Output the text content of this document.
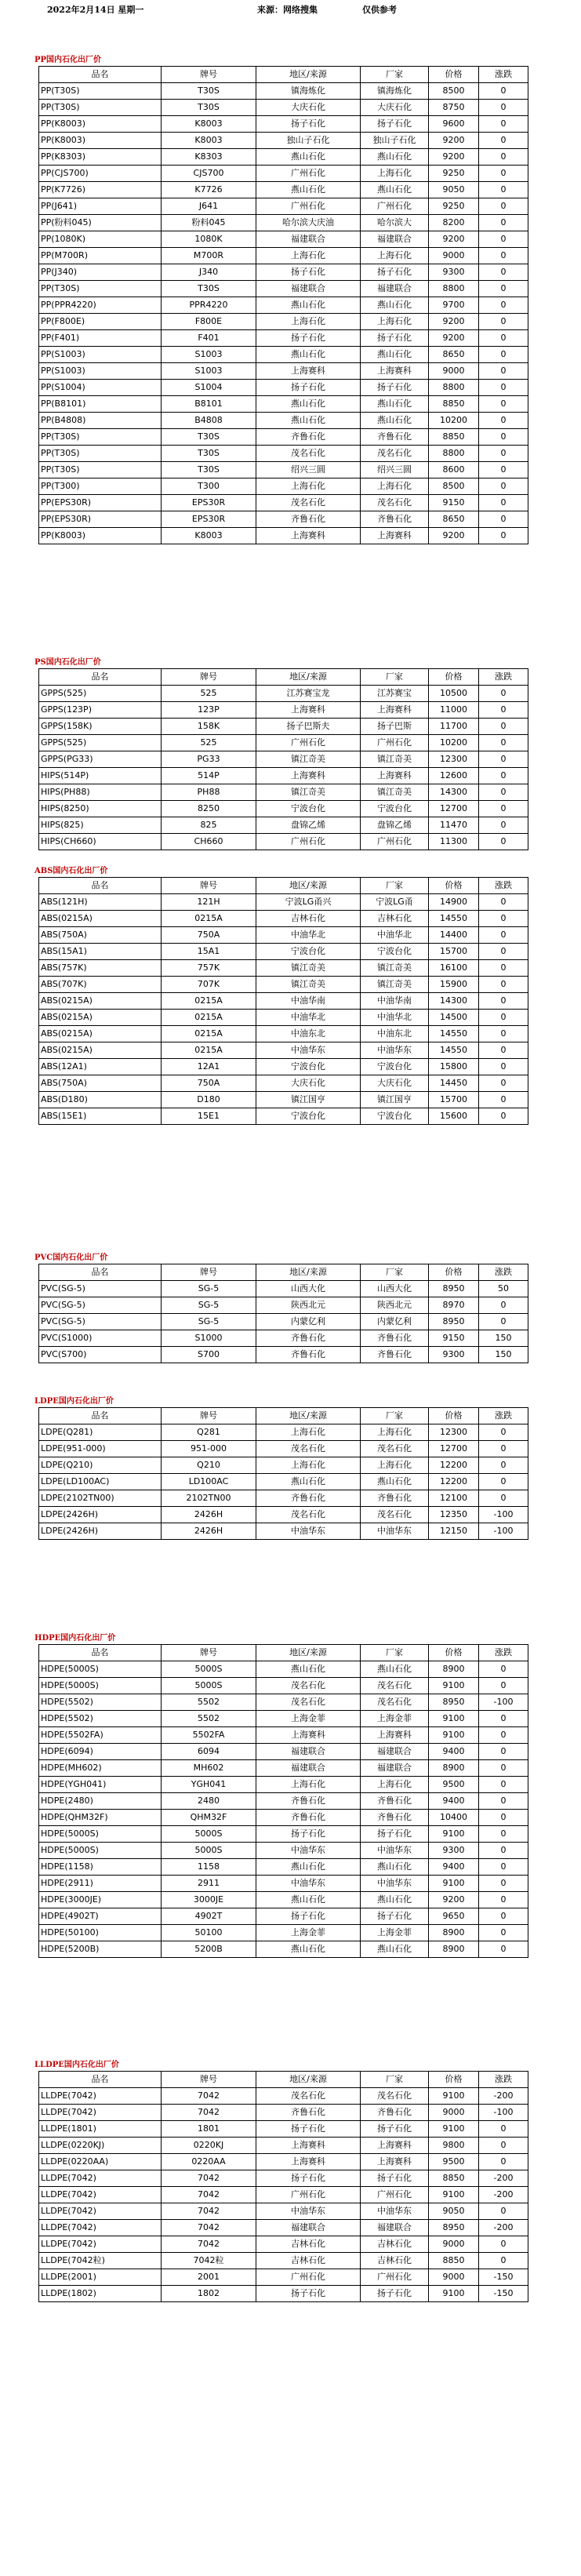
2022年2月14日 星期一	来源：网络搜集	仅供参考
PP国内石化出厂价
品名	牌号	地区/来源	厂家	价格	涨跌
PP(T30S)	T30S	镇海炼化	镇海炼化	8500	0
PP(T30S)	T30S	大庆石化	大庆石化	8750	0
PP(K8003)	K8003	扬子石化	扬子石化	9600	0
PP(K8003)	K8003	独山子石化	独山子石化	9200	0
PP(K8303)	K8303	燕山石化	燕山石化	9200	0
PP(CJS700)	CJS700	广州石化	上海石化	9250	0
PP(K7726)	K7726	燕山石化	燕山石化	9050	0
PP(J641)	J641	广州石化	广州石化	9250	0
PP(粉料045)	粉料045	哈尔滨大庆油	哈尔滨大	8200	0
PP(1080K)	1080K	福建联合	福建联合	9200	0
PP(M700R)	M700R	上海石化	上海石化	9000	0
PP(J340)	J340	扬子石化	扬子石化	9300	0
PP(T30S)	T30S	福建联合	福建联合	8800	0
PP(PPR4220)	PPR4220	燕山石化	燕山石化	9700	0
PP(F800E)	F800E	上海石化	上海石化	9200	0
PP(F401)	F401	扬子石化	扬子石化	9200	0
PP(S1003)	S1003	燕山石化	燕山石化	8650	0
PP(S1003)	S1003	上海赛科	上海赛科	9000	0
PP(S1004)	S1004	扬子石化	扬子石化	8800	0
PP(B8101)	B8101	燕山石化	燕山石化	8850	0
PP(B4808)	B4808	燕山石化	燕山石化	10200	0
PP(T30S)	T30S	齐鲁石化	齐鲁石化	8850	0
PP(T30S)	T30S	茂名石化	茂名石化	8800	0
PP(T30S)	T30S	绍兴三圆	绍兴三圆	8600	0
PP(T300)	T300	上海石化	上海石化	8500	0
PP(EPS30R)	EPS30R	茂名石化	茂名石化	9150	0
PP(EPS30R)	EPS30R	齐鲁石化	齐鲁石化	8650	0
PP(K8003)	K8003	上海赛科	上海赛科	9200	0
PS国内石化出厂价
品名	牌号	地区/来源	厂家	价格	涨跌
GPPS(525)	525	江苏赛宝龙	江苏赛宝	10500	0
GPPS(123P)	123P	上海赛科	上海赛科	11000	0
GPPS(158K)	158K	扬子巴斯夫	扬子巴斯	11700	0
GPPS(525)	525	广州石化	广州石化	10200	0
GPPS(PG33)	PG33	镇江奇美	镇江奇美	12300	0
HIPS(514P)	514P	上海赛科	上海赛科	12600	0
HIPS(PH88)	PH88	镇江奇美	镇江奇美	14300	0
HIPS(8250)	8250	宁波台化	宁波台化	12700	0
HIPS(825)	825	盘锦乙烯	盘锦乙烯	11470	0
HIPS(CH660)	CH660	广州石化	广州石化	11300	0
ABS国内石化出厂价
品名	牌号	地区/来源	厂家	价格	涨跌
ABS(121H)	121H	宁波LG甬兴	宁波LG甬	14900	0
ABS(0215A)	0215A	吉林石化	吉林石化	14550	0
ABS(750A)	750A	中油华北	中油华北	14400	0
ABS(15A1)	15A1	宁波台化	宁波台化	15700	0
ABS(757K)	757K	镇江奇美	镇江奇美	16100	0
ABS(707K)	707K	镇江奇美	镇江奇美	15900	0
ABS(0215A)	0215A	中油华南	中油华南	14300	0
ABS(0215A)	0215A	中油华北	中油华北	14500	0
ABS(0215A)	0215A	中油东北	中油东北	14550	0
ABS(0215A)	0215A	中油华东	中油华东	14550	0
ABS(12A1)	12A1	宁波台化	宁波台化	15800	0
ABS(750A)	750A	大庆石化	大庆石化	14450	0
ABS(D180)	D180	镇江国亨	镇江国亨	15700	0
ABS(15E1)	15E1	宁波台化	宁波台化	15600	0
PVC国内石化出厂价
品名	牌号	地区/来源	厂家	价格	涨跌
PVC(SG-5)	SG-5	山西大化	山西大化	8950	50
PVC(SG-5)	SG-5	陕西北元	陕西北元	8970	0
PVC(SG-5)	SG-5	内蒙亿利	内蒙亿利	8950	0
PVC(S1000)	S1000	齐鲁石化	齐鲁石化	9150	150
PVC(S700)	S700	齐鲁石化	齐鲁石化	9300	150
LDPE国内石化出厂价
品名	牌号	地区/来源	厂家	价格	涨跌
LDPE(Q281)	Q281	上海石化	上海石化	12300	0
LDPE(951-000)	951-000	茂名石化	茂名石化	12700	0
LDPE(Q210)	Q210	上海石化	上海石化	12200	0
LDPE(LD100AC)	LD100AC	燕山石化	燕山石化	12200	0
LDPE(2102TN00)	2102TN00	齐鲁石化	齐鲁石化	12100	0
LDPE(2426H)	2426H	茂名石化	茂名石化	12350	-100
LDPE(2426H)	2426H	中油华东	中油华东	12150	-100
HDPE国内石化出厂价
品名	牌号	地区/来源	厂家	价格	涨跌
HDPE(5000S)	5000S	燕山石化	燕山石化	8900	0
HDPE(5000S)	5000S	茂名石化	茂名石化	9100	0
HDPE(5502)	5502	茂名石化	茂名石化	8950	-100
HDPE(5502)	5502	上海金菲	上海金菲	9100	0
HDPE(5502FA)	5502FA	上海赛科	上海赛科	9100	0
HDPE(6094)	6094	福建联合	福建联合	9400	0
HDPE(MH602)	MH602	福建联合	福建联合	8900	0
HDPE(YGH041)	YGH041	上海石化	上海石化	9500	0
HDPE(2480)	2480	齐鲁石化	齐鲁石化	9400	0
HDPE(QHM32F)	QHM32F	齐鲁石化	齐鲁石化	10400	0
HDPE(5000S)	5000S	扬子石化	扬子石化	9100	0
HDPE(5000S)	5000S	中油华东	中油华东	9300	0
HDPE(1158)	1158	燕山石化	燕山石化	9400	0
HDPE(2911)	2911	中油华东	中油华东	9100	0
HDPE(3000JE)	3000JE	燕山石化	燕山石化	9200	0
HDPE(4902T)	4902T	扬子石化	扬子石化	9650	0
HDPE(50100)	50100	上海金菲	上海金菲	8900	0
HDPE(5200B)	5200B	燕山石化	燕山石化	8900	0
LLDPE国内石化出厂价
品名	牌号	地区/来源	厂家	价格	涨跌
LLDPE(7042)	7042	茂名石化	茂名石化	9100	-200
LLDPE(7042)	7042	齐鲁石化	齐鲁石化	9000	-100
LLDPE(1801)	1801	扬子石化	扬子石化	9100	0
LLDPE(0220KJ)	0220KJ	上海赛科	上海赛科	9800	0
LLDPE(0220AA)	0220AA	上海赛科	上海赛科	9500	0
LLDPE(7042)	7042	扬子石化	扬子石化	8850	-200
LLDPE(7042)	7042	广州石化	广州石化	9100	-200
LLDPE(7042)	7042	中油华东	中油华东	9050	0
LLDPE(7042)	7042	福建联合	福建联合	8950	-200
LLDPE(7042)	7042	吉林石化	吉林石化	9000	0
LLDPE(7042粒)	7042粒	吉林石化	吉林石化	8850	0
LLDPE(2001)	2001	广州石化	广州石化	9000	-150
LLDPE(1802)	1802	扬子石化	扬子石化	9100	-150
